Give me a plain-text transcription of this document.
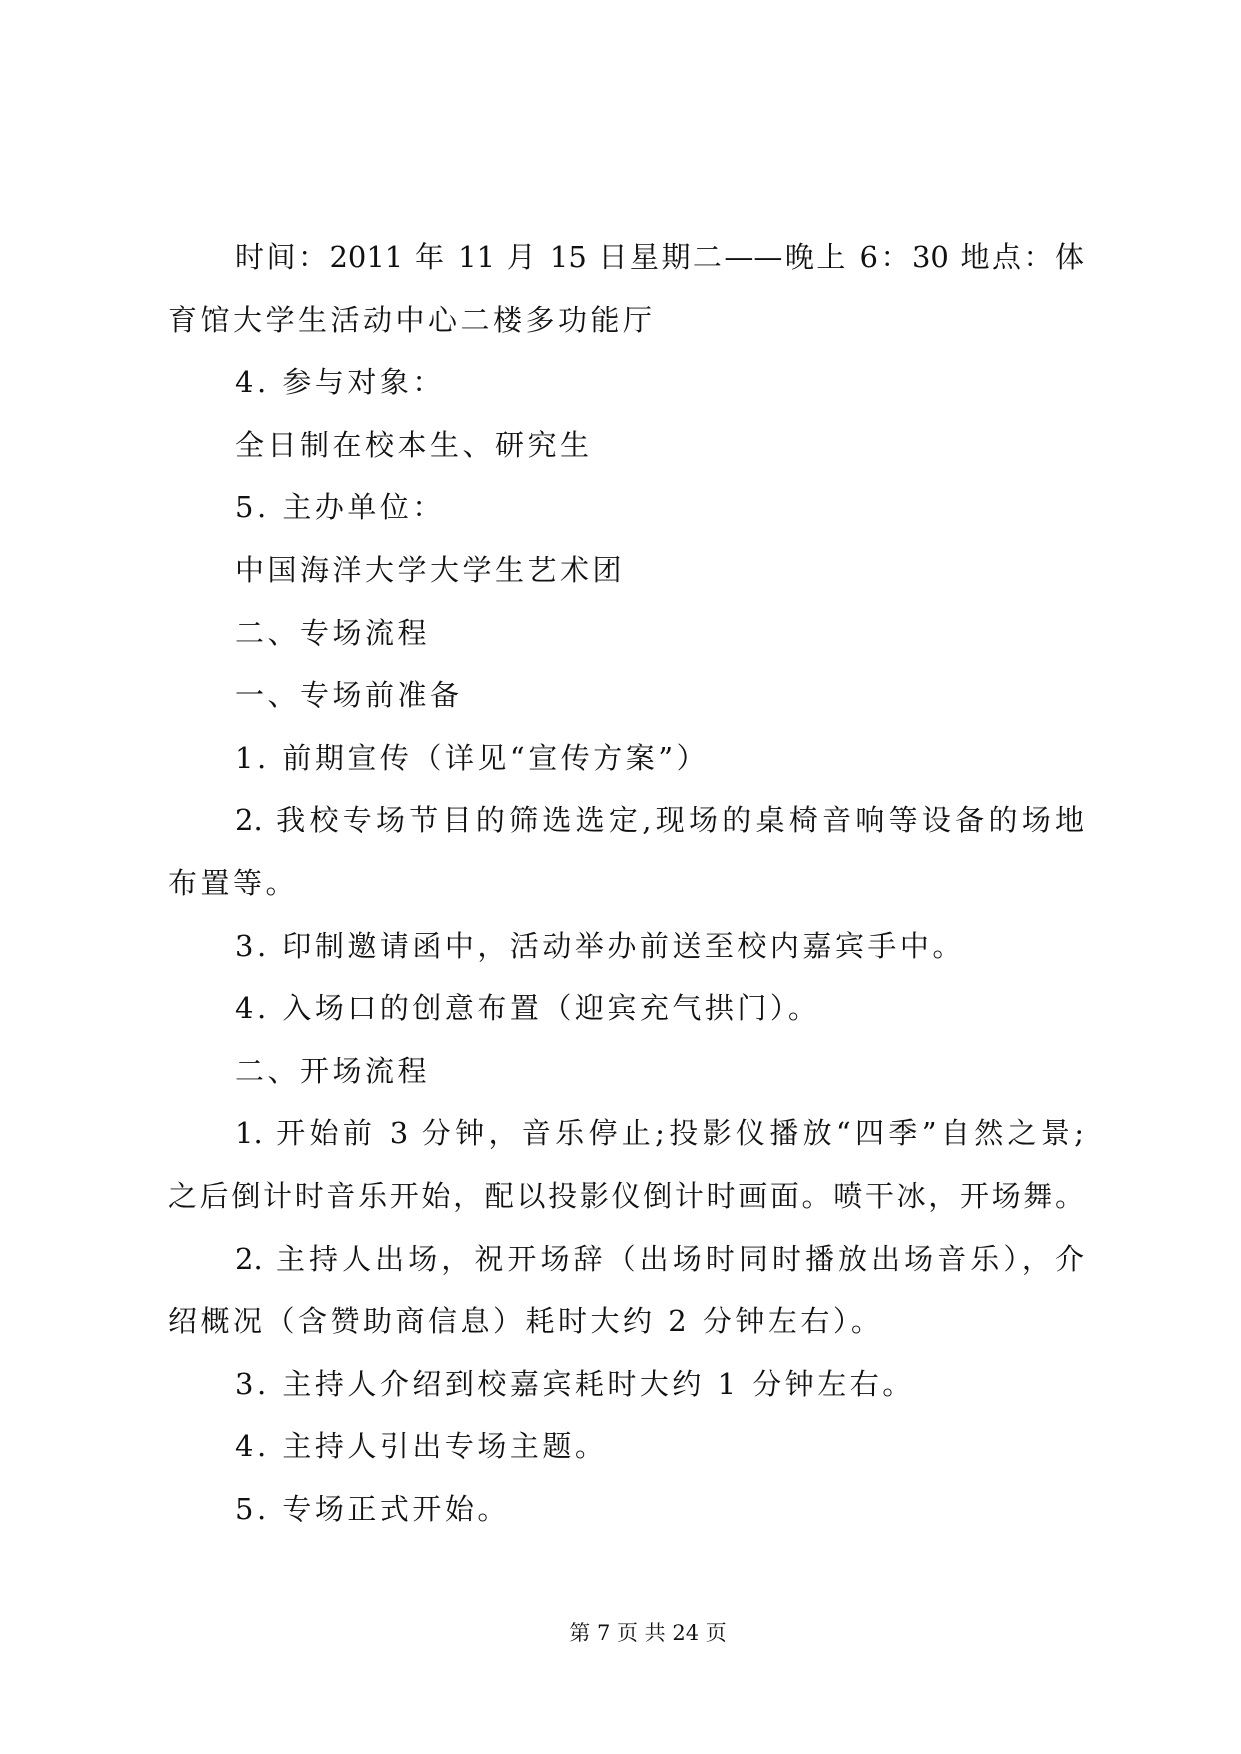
时间：2011 年 11 月 15 日星期二——晚上 6：30 地点：体
育馆大学生活动中心二楼多功能厅
4. 参与对象：
全日制在校本生、研究生
5. 主办单位：
中国海洋大学大学生艺术团
二、专场流程
一、专场前准备
1. 前期宣传（详见“宣传方案”）
2. 我校专场节目的筛选选定,现场的桌椅音响等设备的场地
布置等。
3. 印制邀请函中，活动举办前送至校内嘉宾手中。
4. 入场口的创意布置（迎宾充气拱门）。
二、开场流程
1. 开始前 3 分钟，音乐停止;投影仪播放“四季”自然之景;
之后倒计时音乐开始，配以投影仪倒计时画面。喷干冰，开场舞。
2. 主持人出场，祝开场辞（出场时同时播放出场音乐），介
绍概况（含赞助商信息）耗时大约 2 分钟左右）。
3. 主持人介绍到校嘉宾耗时大约 1 分钟左右。
4. 主持人引出专场主题。
5. 专场正式开始。
第 7 页 共 24 页
